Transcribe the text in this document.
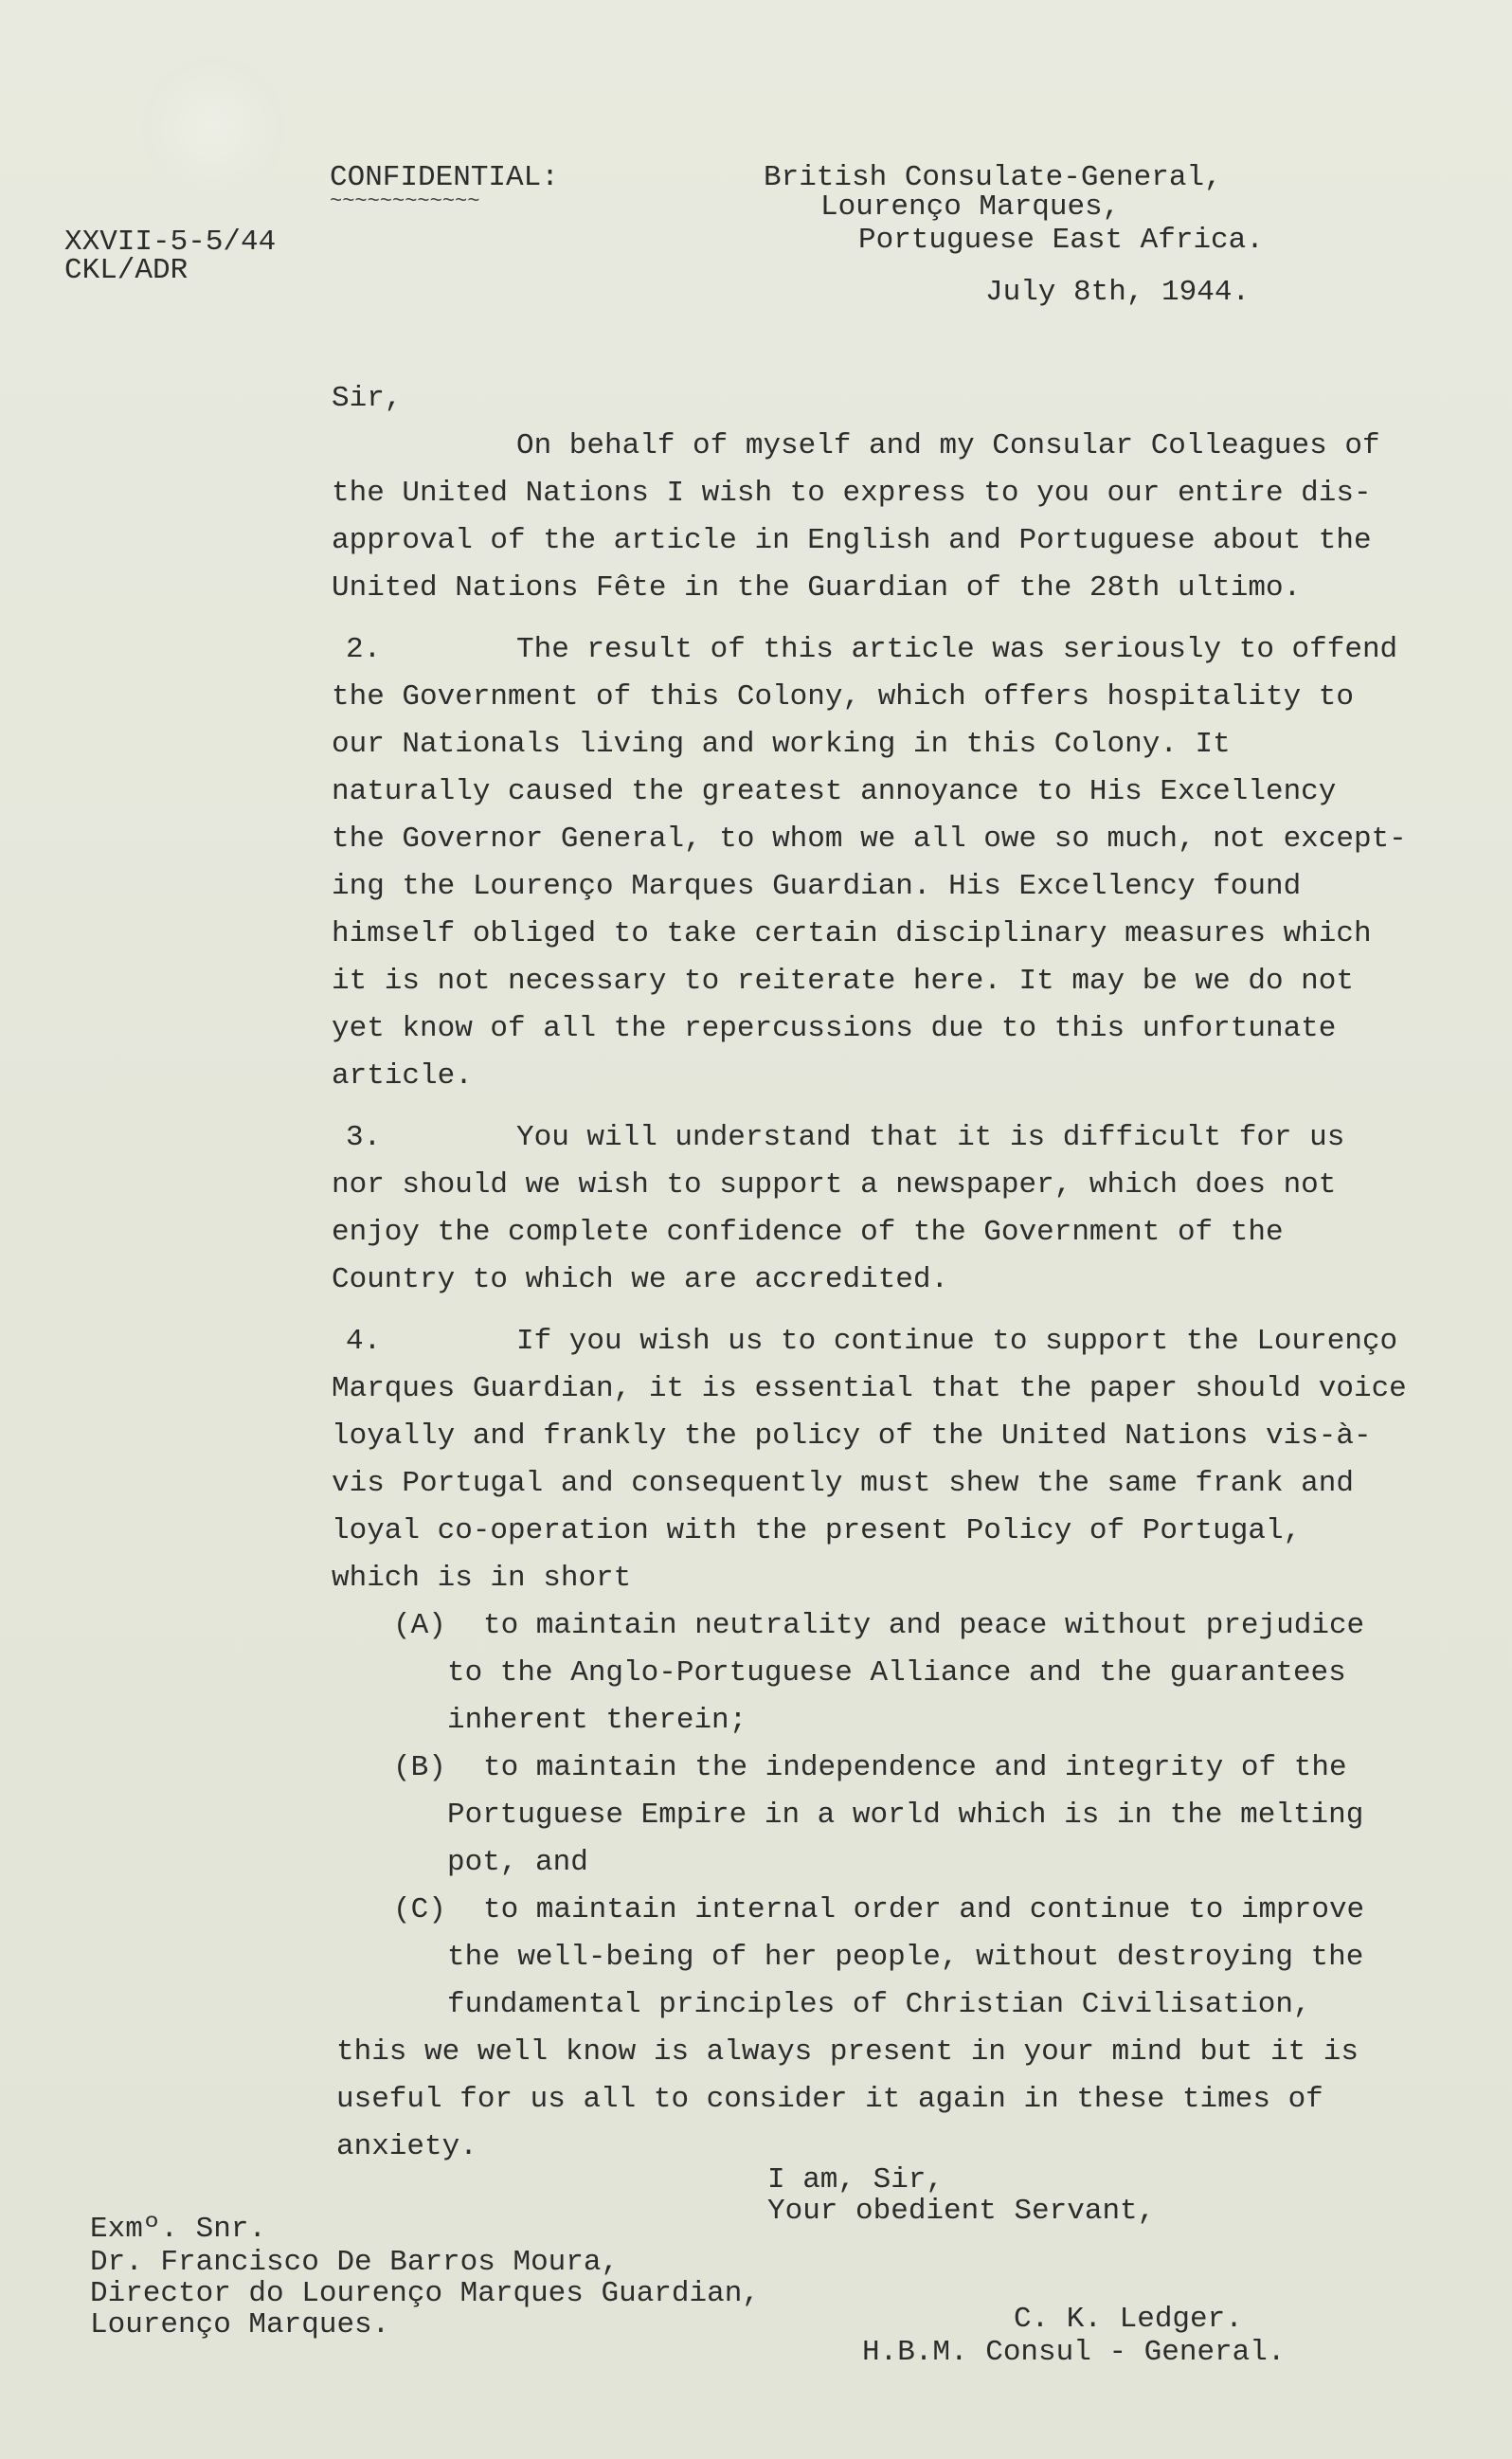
CONFIDENTIAL:
~~~~~~~~~~~~
XXVII-5-5/44
CKL/ADR
British Consulate-General,
Lourenço Marques,
Portuguese East Africa.
July 8th, 1944.
Sir,
On behalf of myself and my Consular Colleagues of
the United Nations I wish to express to you our entire dis-
approval of the article in English and Portuguese about the
United Nations Fête in the Guardian of the 28th ultimo.
2.	The result of this article was seriously to offend
the Government of this Colony, which offers hospitality to
our Nationals living and working in this Colony. It
naturally caused the greatest annoyance to His Excellency
the Governor General, to whom we all owe so much, not except-
ing the Lourenço Marques Guardian. His Excellency found
himself obliged to take certain disciplinary measures which
it is not necessary to reiterate here. It may be we do not
yet know of all the repercussions due to this unfortunate
article.
3.	You will understand that it is difficult for us
nor should we wish to support a newspaper, which does not
enjoy the complete confidence of the Government of the
Country to which we are accredited.
4.	If you wish us to continue to support the Lourenço
Marques Guardian, it is essential that the paper should voice
loyally and frankly the policy of the United Nations vis-à-
vis Portugal and consequently must shew the same frank and
loyal co-operation with the present Policy of Portugal,
which is in short
(A) to maintain neutrality and peace without prejudice
to the Anglo-Portuguese Alliance and the guarantees
inherent therein;
(B) to maintain the independence and integrity of the
Portuguese Empire in a world which is in the melting
pot, and
(C) to maintain internal order and continue to improve
the well-being of her people, without destroying the
fundamental principles of Christian Civilisation,
this we well know is always present in your mind but it is
useful for us all to consider it again in these times of
anxiety.
I am, Sir,
Your obedient Servant,
Exmº. Snr.
Dr. Francisco De Barros Moura,
Director do Lourenço Marques Guardian,
Lourenço Marques.	C. K. Ledger.
H.B.M. Consul - General.
